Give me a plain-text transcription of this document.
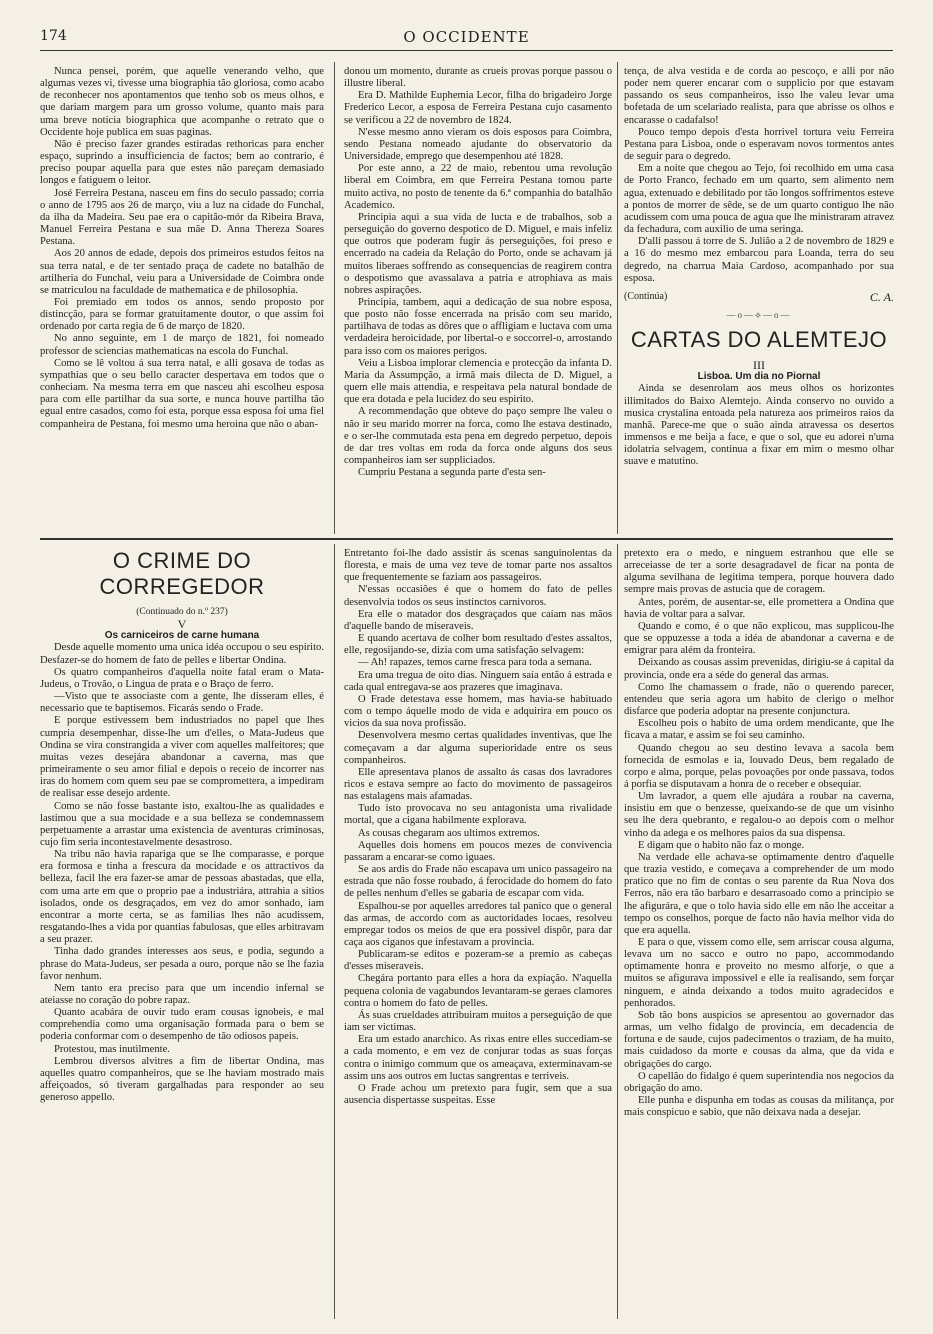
174	O OCCIDENTE

Nunca pensei, porém, que aquelle venerando velho, que algumas vezes vi, tivesse uma biographia tão gloriosa, como acabo de reconhecer nos apontamentos que tenho sob os meus olhos, e que dariam margem para um grosso volume, quanto mais para uma breve noticia biographica que acompanhe o retrato que o Occidente hoje publica em suas paginas.

Não é preciso fazer grandes estiradas rethoricas para encher espaço, suprindo a insufficiencia de factos; bem ao contrario, é preciso poupar aquella para que estes não pareçam demasiado longos e fatiguem o leitor.

José Ferreira Pestana, nasceu em fins do seculo passado; corria o anno de 1795 aos 26 de março, viu a luz na cidade do Funchal, da ilha da Madeira. Seu pae era o capitão-mór da Ribeira Brava, Manuel Ferreira Pestana e sua mãe D. Anna Thereza Soares Pestana.

Aos 20 annos de edade, depois dos primeiros estudos feitos na sua terra natal, e de ter sentado praça de cadete no batalhão de artilheria do Funchal, veiu para a Universidade de Coimbra onde se matriculou na faculdade de mathematica e de philosophia.

Foi premiado em todos os annos, sendo proposto por distincção, para se formar gratuitamente doutor, o que assim foi ordenado por carta regia de 6 de março de 1820.

No anno seguinte, em 1 de março de 1821, foi nomeado professor de sciencias mathematicas na escola do Funchal.

Como se lê voltou á sua terra natal, e alli gosava de todas as sympathias que o seu bello caracter despertava em todos que o conheciam. Na mesma terra em que nasceu ahi escolheu esposa para com elle partilhar da sua sorte, e nunca houve partilha tão egual entre casados, como foi esta, porque essa esposa foi uma fiel companheira de Pestana, foi mesmo uma heroina que não o aban-

donou um momento, durante as crueis provas porque passou o illustre liberal.

Era D. Mathilde Euphemia Lecor, filha do brigadeiro Jorge Frederico Lecor, a esposa de Ferreira Pestana cujo casamento se verificou a 22 de novembro de 1824.

N'esse mesmo anno vieram os dois esposos para Coimbra, sendo Pestana nomeado ajudante do observatorio da Universidade, emprego que desempenhou até 1828.

Por este anno, a 22 de maio, rebentou uma revolução liberal em Coimbra, em que Ferreira Pestana tomou parte muito activa, no posto de tenente da 6.ª companhia do batalhão Academico.

Principia aqui a sua vida de lucta e de trabalhos, sob a perseguição do governo despotico de D. Miguel, e mais infeliz que outros que poderam fugir ás perseguições, foi preso e encerrado na cadeia da Relação do Porto, onde se achavam já muitos liberaes soffrendo as consequencias de reagirem contra o despotismo que avassalava a patria e atrophiava as mais nobres aspirações.

Principia, tambem, aqui a dedicação de sua nobre esposa, que posto não fosse encerrada na prisão com seu marido, partilhava de todas as dôres que o affligiam e luctava com uma verdadeira heroicidade, por libertal-o e soccorrel-o, arrostando para isso com os maiores perigos.

Veiu a Lisboa implorar clemencia e protecção da infanta D. Maria da Assumpção, a irmã mais dilecta de D. Miguel, a quem elle mais attendia, e respeitava pela natural bondade de que era dotada e pela lucidez do seu espirito.

A recommendação que obteve do paço sempre lhe valeu o não ir seu marido morrer na forca, como lhe estava destinado, e o ser-lhe commutada esta pena em degredo perpetuo, depois de dar tres voltas em roda da forca onde alguns dos seus companheiros iam ser suppliciados.

Cumpriu Pestana a segunda parte d'esta sen-

tença, de alva vestida e de corda ao pescoço, e alli por não poder nem querer encarar com o supplicio por que estavam passando os seus companheiros, isso lhe valeu levar uma bofetada de um scelariado realista, para que abrisse os olhos e encarasse o cadafalso!

Pouco tempo depois d'esta horrivel tortura veiu Ferreira Pestana para Lisboa, onde o esperavam novos tormentos antes de seguir para o degredo.

Em a noite que chegou ao Tejo, foi recolhido em uma casa de Porto Franco, fechado em um quarto, sem alimento nem agua, extenuado e debilitado por tão longos soffrimentos esteve a pontos de morrer de sêde, se de um quarto contiguo lhe não acudissem com uma pouca de agua que lhe ministraram atravez da fechadura, com auxilio de uma seringa.

D'alli passou á torre de S. Julião a 2 de novembro de 1829 e a 16 do mesmo mez embarcou para Loanda, terra do seu degredo, na charrua Maia Cardoso, acompanhado por sua esposa.

(Continúa)	C. A.
—o—⟡—o—
CARTAS DO ALEMTEJO

III

Lisboa. Um dia no Piornal

Ainda se desenrolam aos meus olhos os horizontes illimitados do Baixo Alemtejo. Ainda conservo no ouvido a musica crystalina entoada pela natureza aos primeiros raios da manhã. Parece-me que o suão ainda atravessa os desertos immensos e me beija a face, e que o sol, que eu adorei n'uma idolatria selvagem, continua a fixar em mim o mesmo olhar suave e matutino.

O CRIME DO CORREGEDOR

(Continuado do n.º 237)

V

Os carniceiros de carne humana

Desde aquelle momento uma unica idéa occupou o seu espirito. Desfazer-se do homem de fato de pelles e libertar Ondina.

Os quatro companheiros d'aquella noite fatal eram o Mata-Judeus, o Trovão, o Lingua de prata e o Braço de ferro.

—Visto que te associaste com a gente, lhe disseram elles, é necessario que te baptisemos. Ficarás sendo o Frade.

E porque estivessem bem industriados no papel que lhes cumpria desempenhar, disse-lhe um d'elles, o Mata-Judeus que Ondina se vira constrangida a viver com aquelles malfeitores; que muitas vezes desejára abandonar a caverna, mas que primeiramente o seu amor filial e depois o receio de incorrer nas iras do homem com quem seu pae se compromettera, a impediram de realisar esse desejo ardente.

Como se não fosse bastante isto, exaltou-lhe as qualidades e lastimou que a sua mocidade e a sua belleza se condemnassem perpetuamente a arrastar uma existencia de aventuras criminosas, cujo fim seria incontestavelmente desastroso.

Na tribu não havia rapariga que se lhe comparasse, e porque era formosa e tinha a frescura da mocidade e os attractivos da belleza, facil lhe era fazer-se amar de pessoas abastadas, que ella, com uma arte em que o proprio pae a industriára, attrahia a sitios isolados, onde os desgraçados, em vez do amor sonhado, iam encontrar a morte certa, se as familias lhes não acudissem, resgatando-lhes a vida por quantias fabulosas, que elles arbitravam a seu prazer.

Tinha dado grandes interesses aos seus, e podia, segundo a phrase do Mata-Judeus, ser pesada a ouro, porque não se lhe fazia favor nenhum.

Nem tanto era preciso para que um incendio infernal se ateiasse no coração do pobre rapaz.

Quanto acabára de ouvir tudo eram cousas ignobeis, e mal comprehendia como uma organisação formada para o bem se poderia conformar com o desempenho de tão odiosos papeis.

Protestou, mas inutilmente.

Lembrou diversos alvitres a fim de libertar Ondina, mas aquelles quatro companheiros, que se lhe haviam mostrado mais affeiçoados, só tiveram gargalhadas para responder ao seu generoso appello.

Entretanto foi-lhe dado assistir ás scenas sanguinolentas da floresta, e mais de uma vez teve de tomar parte nos assaltos que frequentemente se faziam aos passageiros.

N'essas occasiões é que o homem do fato de pelles desenvolvia todos os seus instinctos carnivoros.

Era elle o matador dos desgraçados que caíam nas mãos d'aquelle bando de miseraveis.

E quando acertava de colher bom resultado d'estes assaltos, elle, regosijando-se, dizia com uma satisfação selvagem:

— Ah! rapazes, temos carne fresca para toda a semana.

Era uma tregua de oito dias. Ninguem saía então á estrada e cada qual entregava-se aos prazeres que imaginava.

O Frade detestava esse homem, mas havia-se habituado com o tempo áquelle modo de vida e adquirira em pouco os vicios da sua nova profissão.

Desenvolvera mesmo certas qualidades inventivas, que lhe começavam a dar alguma superioridade entre os seus companheiros.

Elle apresentava planos de assalto ás casas dos lavradores ricos e estava sempre ao facto do movimento de passageiros nas estalagens mais afamadas.

Tudo isto provocava no seu antagonista uma rivalidade mortal, que a cigana habilmente explorava.

As cousas chegaram aos ultimos extremos.

Aquelles dois homens em poucos mezes de convivencia passaram a encarar-se como iguaes.

Se aos ardis do Frade não escapava um unico passageiro na estrada que não fosse roubado, á ferocidade do homem do fato de pelles nenhum d'elles se gabaria de escapar com vida.

Espalhou-se por aquelles arredores tal panico que o general das armas, de accordo com as auctoridades locaes, resolveu empregar todos os meios de que era possivel dispôr, para dar caça aos ciganos que infestavam a provincia.

Publicaram-se editos e pozeram-se a premio as cabeças d'esses miseraveis.

Chegára portanto para elles a hora da expiação. N'aquella pequena colonia de vagabundos levantaram-se geraes clamores contra o homem do fato de pelles.

Ás suas crueldades attribuiram muitos a perseguição de que iam ser victimas.

Era um estado anarchico. As rixas entre elles succediam-se a cada momento, e em vez de conjurar todas as suas forças contra o inimigo commum que os ameaçava, exterminavam-se assim uns aos outros em luctas sangrentas e terriveis.

O Frade achou um pretexto para fugir, sem que a sua ausencia dispertasse suspeitas. Esse

pretexto era o medo, e ninguem estranhou que elle se arreceiasse de ter a sorte desagradavel de ficar na ponta de alguma sevilhana de legitima tempera, porque houvera dado sempre mais provas de astucia que de coragem.

Antes, porém, de ausentar-se, elle promettera a Ondina que havia de voltar para a salvar.

Quando e como, é o que não explicou, mas supplicou-lhe que se oppuzesse a toda a idéa de abandonar a caverna e de emigrar para além da fronteira.

Deixando as cousas assim prevenidas, dirigiu-se á capital da provincia, onde era a séde do general das armas.

Como lhe chamassem o frade, não o querendo parecer, entendeu que seria agora um habito de clerigo o melhor disfarce que poderia adoptar na presente conjunctura.

Escolheu pois o habito de uma ordem mendicante, que lhe ficava a matar, e assim se foi seu caminho.

Quando chegou ao seu destino levava a sacola bem fornecida de esmolas e ia, louvado Deus, bem regalado de corpo e alma, porque, pelas povoações por onde passava, todos á porfia se disputavam a honra de o receber e obsequiar.

Um lavrador, a quem elle ajudára a roubar na caverna, insistiu em que o benzesse, queixando-se de que um visinho seu lhe dera quebranto, e regalou-o ao depois com o melhor vinho da adega e os melhores paios da sua dispensa.

E digam que o habito não faz o monge.

Na verdade elle achava-se optimamente dentro d'aquelle que trazia vestido, e começava a comprehender de um modo pratico que no fim de contas o seu parente da Rua Nova dos Ferros, não era tão barbaro e desarrasoado como a principio se lhe afigurára, e que o tolo havia sido elle em não lhe acceitar a tempo os conselhos, porque de facto não havia melhor vida do que era aquella.

E para o que, vissem como elle, sem arriscar cousa alguma, levava um no sacco e outro no papo, accommodando optimamente honra e proveito no mesmo alforje, o que a muitos se afigurava impossivel e elle ia realisando, sem forçar ninguem, e ainda deixando a todos muito agradecidos e penhorados.

Sob tão bons auspicios se apresentou ao governador das armas, um velho fidalgo de provincia, em decadencia de fortuna e de saude, cujos padecimentos o traziam, de ha muito, mais cuidadoso da morte e cousas da alma, que da vida e obrigações do cargo.

O capellão do fidalgo é quem superintendia nos negocios da obrigação do amo.

Elle punha e dispunha em todas as cousas da militança, por mais conspicuo e sabio, que não deixava nada a desejar.
